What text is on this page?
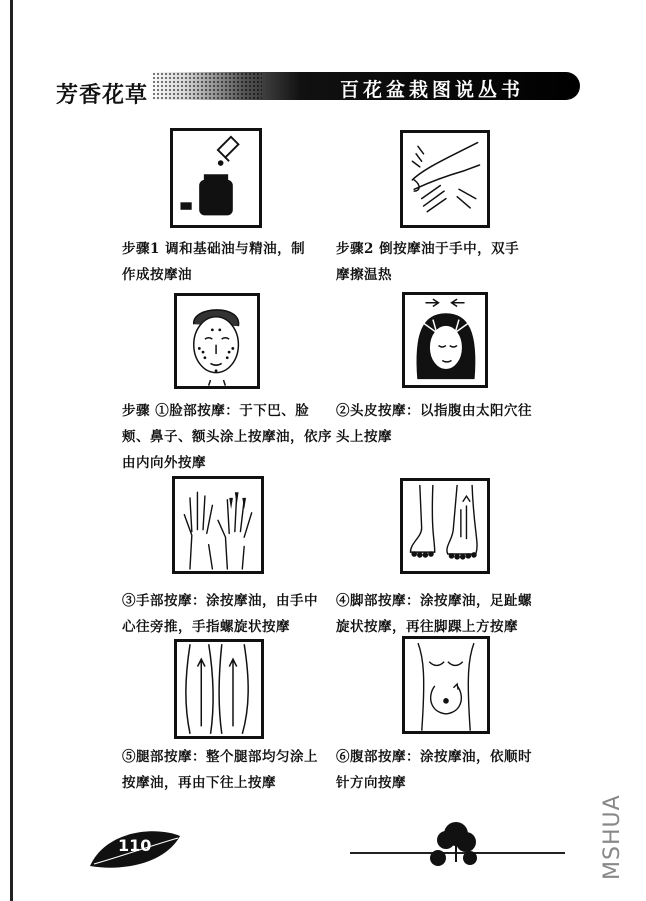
芳香花草	百花盆栽图说丛书
步骤1 调和基础油与精油，制
作成按摩油
步骤2 倒按摩油于手中，双手
摩擦温热
步骤 ①脸部按摩：于下巴、脸
颊、鼻子、额头涂上按摩油，依序
由内向外按摩
②头皮按摩：以指腹由太阳穴往
头上按摩
③手部按摩：涂按摩油，由手中
心往旁推，手指螺旋状按摩
④脚部按摩：涂按摩油，足趾螺
旋状按摩，再往脚踝上方按摩
⑤腿部按摩：整个腿部均匀涂上
按摩油，再由下往上按摩
⑥腹部按摩：涂按摩油，依顺时
针方向按摩
110	MSHUA
